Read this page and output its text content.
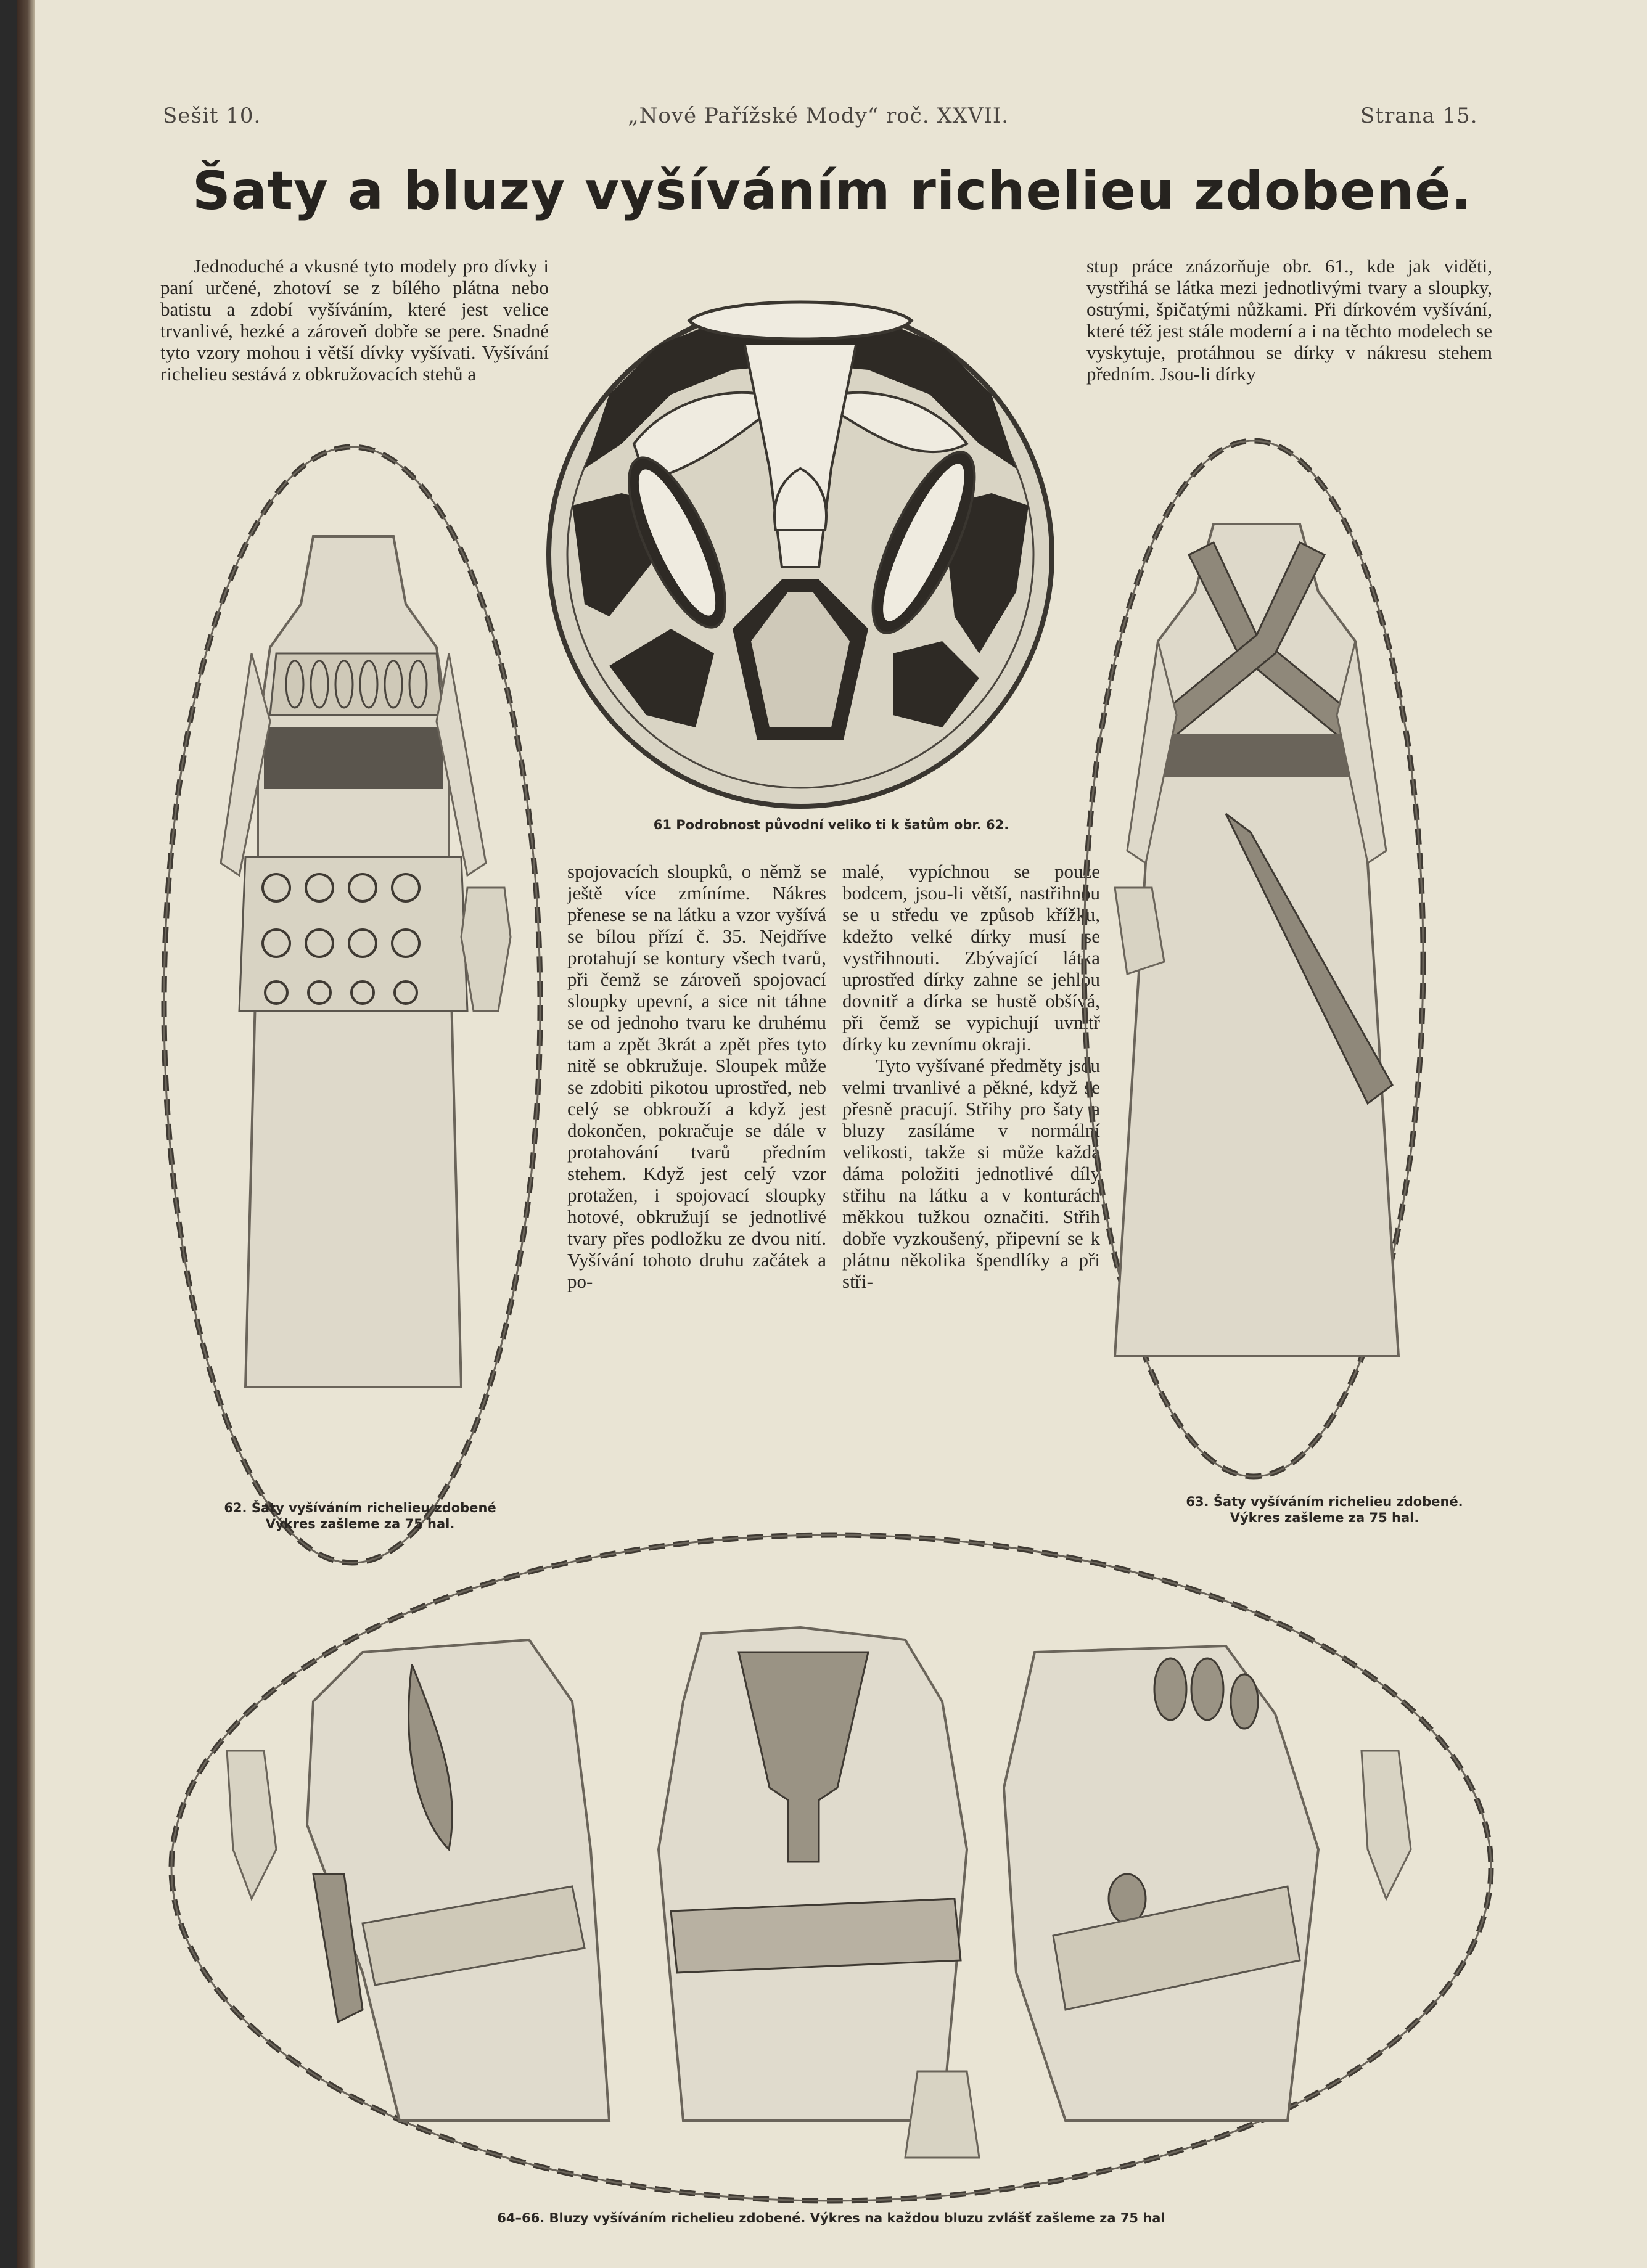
Sešit 10.	„Nové Pařížské Mody“ roč. XXVII.	Strana 15.
Šaty a bluzy vyšíváním richelieu zdobené.

Jednoduché a vkusné tyto modely pro dívky i paní určené, zhotoví se z bílého plátna nebo batistu a zdobí vyšíváním, které jest velice trvanlivé, hezké a zároveň dobře se pere. Snadné tyto vzory mohou i větší dívky vyšívati. Vyšívání richelieu sestává z obkružovacích stehů a

stup práce znázorňuje obr. 61., kde jak viděti, vystřihá se látka mezi jednotlivými tvary a sloupky, ostrými, špičatými nůžkami. Při dírkovém vyšívání, které též jest stále moderní a i na těchto modelech se vyskytuje, protáhnou se dírky v nákresu stehem předním. Jsou-li dírky

spojovacích sloupků, o němž se ještě více zmíníme. Nákres přenese se na látku a vzor vyšívá se bílou přízí č. 35. Nejdříve protahují se kontury všech tvarů, při čemž se zároveň spojovací sloupky upevní, a sice nit táhne se od jednoho tvaru ke druhému tam a zpět 3krát a zpět přes tyto nitě se obkružuje. Sloupek může se zdobiti pikotou uprostřed, neb celý se obkrouží a když jest dokončen, pokračuje se dále v protahování tvarů předním stehem. Když jest celý vzor protažen, i spojovací sloupky hotové, obkružují se jednotlivé tvary přes podložku ze dvou nití. Vyšívání tohoto druhu začátek a po-

malé, vypíchnou se pouze bodcem, jsou-li větší, nastřihnou se u středu ve způsob křížku, kdežto velké dírky musí se vystřihnouti. Zbývající látka uprostřed dírky zahne se jehlou dovnitř a dírka se hustě obšívá, při čemž se vypichují uvnitř dírky ku zevnímu okraji.

Tyto vyšívané předměty jsou velmi trvanlivé a pěkné, když se přesně pracují. Střihy pro šaty a bluzy zasíláme v normální velikosti, takže si může každá dáma položiti jednotlivé díly střihu na látku a v konturách měkkou tužkou označiti. Střih dobře vyzkoušený, připevní se k plátnu několika špendlíky a při stři-

61 Podrobnost původní veliko ti k šatům obr. 62.
62. Šaty vyšíváním richelieu zdobené
Výkres zašleme za 75 hal.
63. Šaty vyšíváním richelieu zdobené.
Výkres zašleme za 75 hal.
64–66. Bluzy vyšíváním richelieu zdobené. Výkres na každou bluzu zvlášť zašleme za 75 hal
